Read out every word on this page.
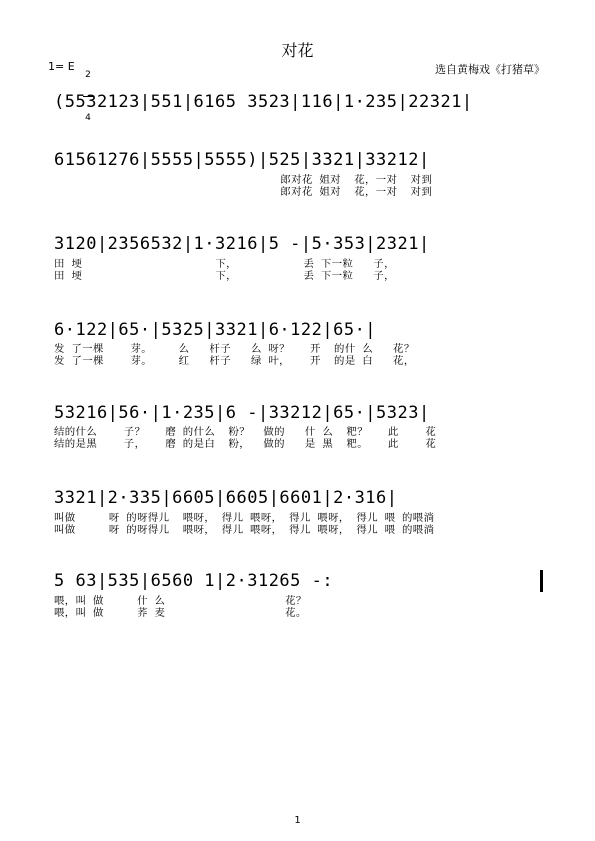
对花
1= E

2

4

选自黄梅戏《打猪草》
(5532123|551|6165 3523|116|1·235|22321|
61561276|5555|5555)|525|3321|33212|
郎对花 姐对  花，一对  对到
郎对花 姐对  花，一对  对到
3120|2356532|1·3216|5 -|5·353|2321|
田 埂                    下，          丢 下一粒   子，
田 埂                    下，          丢 下一粒   子，
6·122|65·|5325|3321|6·122|65·|
发 了一棵    芽。    么   杆子   么 呀？   开  的什 么   花？
发 了一棵    芽。    红   杆子   绿 叶，   开  的是 白   花，
53216|56·|1·235|6 -|33212|65·|5323|
结的什么    子？   磨 的什么  粉？  做的   什 么  粑？   此    花
结的是黑    子，   磨 的是白  粉，  做的   是 黑  粑。   此    花
3321|2·335|6605|6605|6601|2·316|
叫做     呀 的呀得儿  喂呀， 得儿 喂呀， 得儿 喂呀， 得儿 喂 的喂淌
叫做     呀 的呀得儿  喂呀， 得儿 喂呀， 得儿 喂呀， 得儿 喂 的喂淌
5 63|535|6560 1|2·31265 -:
喂，叫 做     什 么                  花？
喂，叫 做     荞 麦                  花。
1
